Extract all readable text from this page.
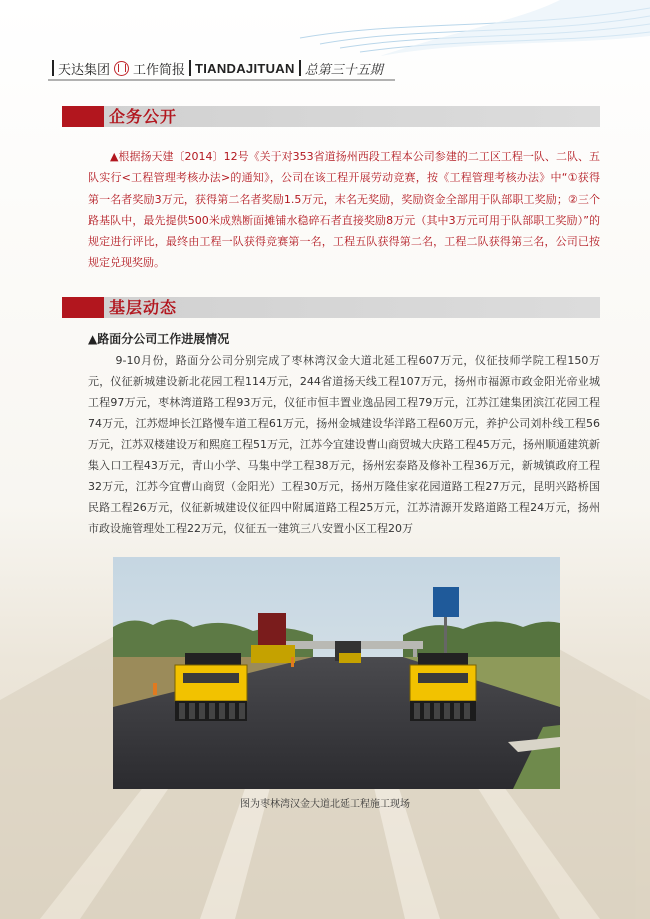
天达集团 工作简报 TIANDAJITUAN 总第三十五期
企务公开

▲根据扬天建〔2014〕12号《关于对353省道扬州西段工程本公司参建的二工区工程一队、二队、五队实行<工程管理考核办法>的通知》，公司在该工程开展劳动竞赛，按《工程管理考核办法》中“①获得第一名者奖励3万元，获得第二名者奖励1.5万元，末名无奖励，奖励资金全部用于队部职工奖励；②三个路基队中，最先提供500米成熟断面摊铺水稳碎石者直接奖励8万元（其中3万元可用于队部职工奖励）”的规定进行评比，最终由工程一队获得竞赛第一名，工程五队获得第二名，工程二队获得第三名，公司已按规定兑现奖励。

基层动态

▲路面分公司工作进展情况

9-10月份，路面分公司分别完成了枣林湾汉金大道北延工程607万元，仪征技师学院工程150万元，仪征新城建设新北花园工程114万元，244省道扬天线工程107万元，扬州市福源市政金阳光帝业城工程97万元，枣林湾道路工程93万元，仪征市恒丰置业逸品园工程79万元，江苏江建集团滨江花园工程74万元，江苏煜坤长江路慢车道工程61万元，扬州金城建设华洋路工程60万元，养护公司刘朴线工程56万元，江苏双楼建设万和熙庭工程51万元，江苏今宜建设曹山商贸城大庆路工程45万元，扬州顺通建筑新集入口工程43万元，青山小学、马集中学工程38万元，扬州宏泰路及修补工程36万元，新城镇政府工程32万元，江苏今宜曹山商贸（金阳光）工程30万元，扬州万隆佳家花园道路工程27万元，昆明兴路桥国民路工程26万元，仪征新城建设仪征四中附属道路工程25万元，江苏清源开发路道路工程24万元，扬州市政设施管理处工程22万元，仪征五一建筑三八安置小区工程20万

图为枣林湾汉金大道北延工程施工现场
